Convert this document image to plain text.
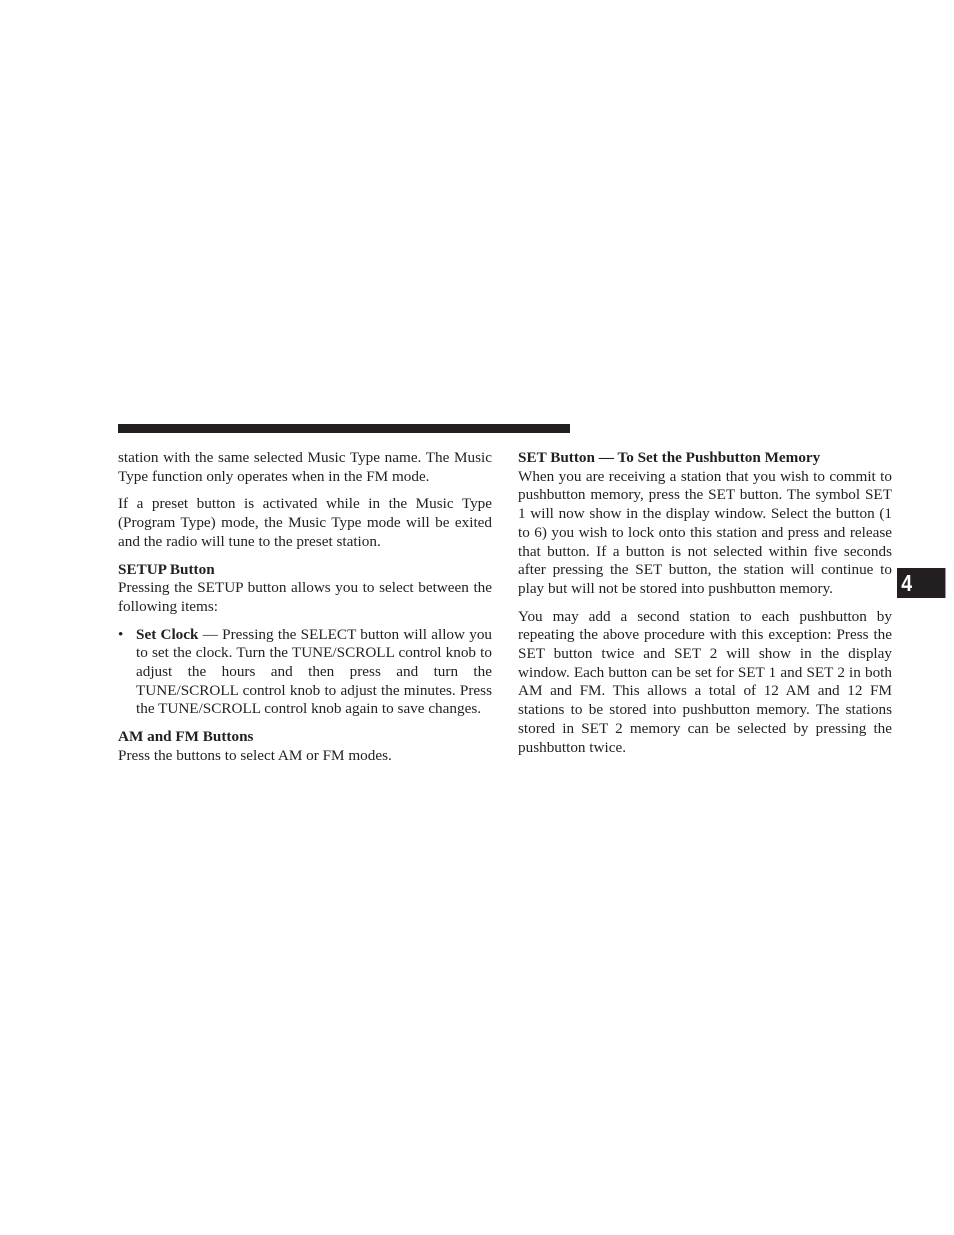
4

station with the same selected Music Type name. The Music Type function only operates when in the FM mode.

If a preset button is activated while in the Music Type (Program Type) mode, the Music Type mode will be exited and the radio will tune to the preset station.

SETUP Button

Pressing the SETUP button allows you to select between the following items:

• Set Clock — Pressing the SELECT button will allow you to set the clock. Turn the TUNE/SCROLL control knob to adjust the hours and then press and turn the TUNE/SCROLL control knob to adjust the minutes. Press the TUNE/SCROLL control knob again to save changes.
AM and FM Buttons

Press the buttons to select AM or FM modes.

SET Button — To Set the Pushbutton Memory

When you are receiving a station that you wish to commit to pushbutton memory, press the SET button. The symbol SET 1 will now show in the display window. Select the button (1 to 6) you wish to lock onto this station and press and release that button. If a button is not selected within five seconds after pressing the SET button, the station will continue to play but will not be stored into pushbutton memory.

You may add a second station to each pushbutton by repeating the above procedure with this exception: Press the SET button twice and SET 2 will show in the display window. Each button can be set for SET 1 and SET 2 in both AM and FM. This allows a total of 12 AM and 12 FM stations to be stored into pushbutton memory. The stations stored in SET 2 memory can be selected by pressing the pushbutton twice.
